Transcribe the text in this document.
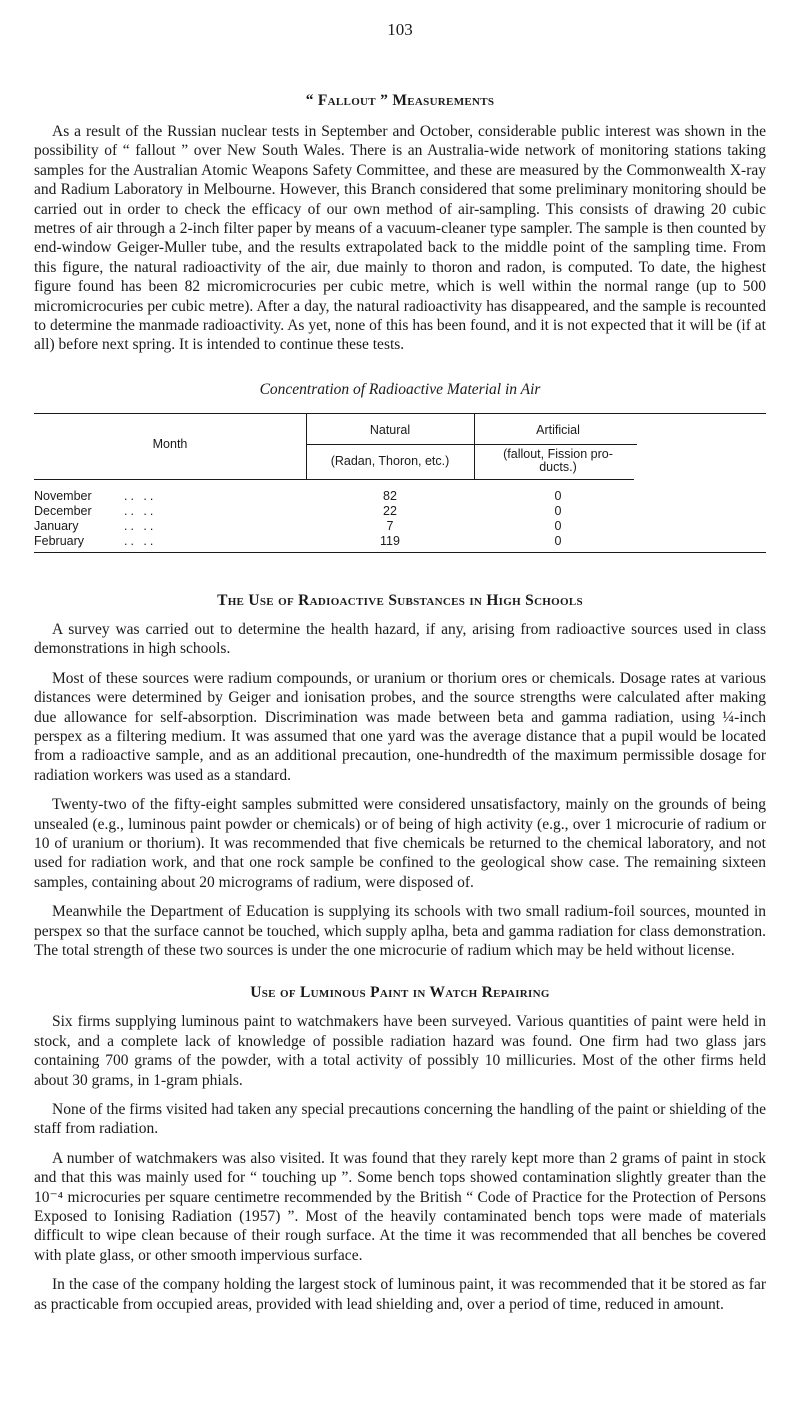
103
“ Fallout ” Measurements

As a result of the Russian nuclear tests in September and October, considerable public interest was shown in the possibility of “ fallout ” over New South Wales. There is an Australia-wide network of monitoring stations taking samples for the Australian Atomic Weapons Safety Committee, and these are measured by the Commonwealth X-ray and Radium Laboratory in Melbourne. However, this Branch considered that some preliminary monitoring should be carried out in order to check the efficacy of our own method of air-sampling. This consists of drawing 20 cubic metres of air through a 2-inch filter paper by means of a vacuum-cleaner type sampler. The sample is then counted by end-window Geiger-Muller tube, and the results extrapolated back to the middle point of the sampling time. From this figure, the natural radioactivity of the air, due mainly to thoron and radon, is computed. To date, the highest figure found has been 82 micromicrocuries per cubic metre, which is well within the normal range (up to 500 micromicrocuries per cubic metre). After a day, the natural radioactivity has disappeared, and the sample is recounted to determine the manmade radioactivity. As yet, none of this has been found, and it is not expected that it will be (if at all) before next spring. It is intended to continue these tests.

Concentration of Radioactive Material in Air

Month
Natural	Artificial
(Radan, Thoron, etc.)	(fallout, Fission pro-
ducts.)
November	.. ..	82	0
December	.. ..	22	0
January	.. ..	7	0
February	.. ..	119	0
The Use of Radioactive Substances in High Schools

A survey was carried out to determine the health hazard, if any, arising from radioactive sources used in class demonstrations in high schools.

Most of these sources were radium compounds, or uranium or thorium ores or chemicals. Dosage rates at various distances were determined by Geiger and ionisation probes, and the source strengths were calculated after making due allowance for self-absorption. Discrimination was made between beta and gamma radiation, using ¼-inch perspex as a filtering medium. It was assumed that one yard was the average distance that a pupil would be located from a radioactive sample, and as an additional precaution, one-hundredth of the maximum permissible dosage for radiation workers was used as a standard.

Twenty-two of the fifty-eight samples submitted were considered unsatisfactory, mainly on the grounds of being unsealed (e.g., luminous paint powder or chemicals) or of being of high activity (e.g., over 1 microcurie of radium or 10 of uranium or thorium). It was recommended that five chemicals be returned to the chemical laboratory, and not used for radiation work, and that one rock sample be confined to the geological show case. The remaining sixteen samples, containing about 20 micrograms of radium, were disposed of.

Meanwhile the Department of Education is supplying its schools with two small radium-foil sources, mounted in perspex so that the surface cannot be touched, which supply aplha, beta and gamma radiation for class demonstration. The total strength of these two sources is under the one microcurie of radium which may be held without license.

Use of Luminous Paint in Watch Repairing

Six firms supplying luminous paint to watchmakers have been surveyed. Various quantities of paint were held in stock, and a complete lack of knowledge of possible radiation hazard was found. One firm had two glass jars containing 700 grams of the powder, with a total activity of possibly 10 millicuries. Most of the other firms held about 30 grams, in 1-gram phials.

None of the firms visited had taken any special precautions concerning the handling of the paint or shielding of the staff from radiation.

A number of watchmakers was also visited. It was found that they rarely kept more than 2 grams of paint in stock and that this was mainly used for “ touching up ”. Some bench tops showed contamination slightly greater than the 10⁻⁴ microcuries per square centimetre recommended by the British “ Code of Practice for the Protection of Persons Exposed to Ionising Radiation (1957) ”. Most of the heavily contaminated bench tops were made of materials difficult to wipe clean because of their rough surface. At the time it was recommended that all benches be covered with plate glass, or other smooth impervious surface.

In the case of the company holding the largest stock of luminous paint, it was recommended that it be stored as far as practicable from occupied areas, provided with lead shielding and, over a period of time, reduced in amount.
